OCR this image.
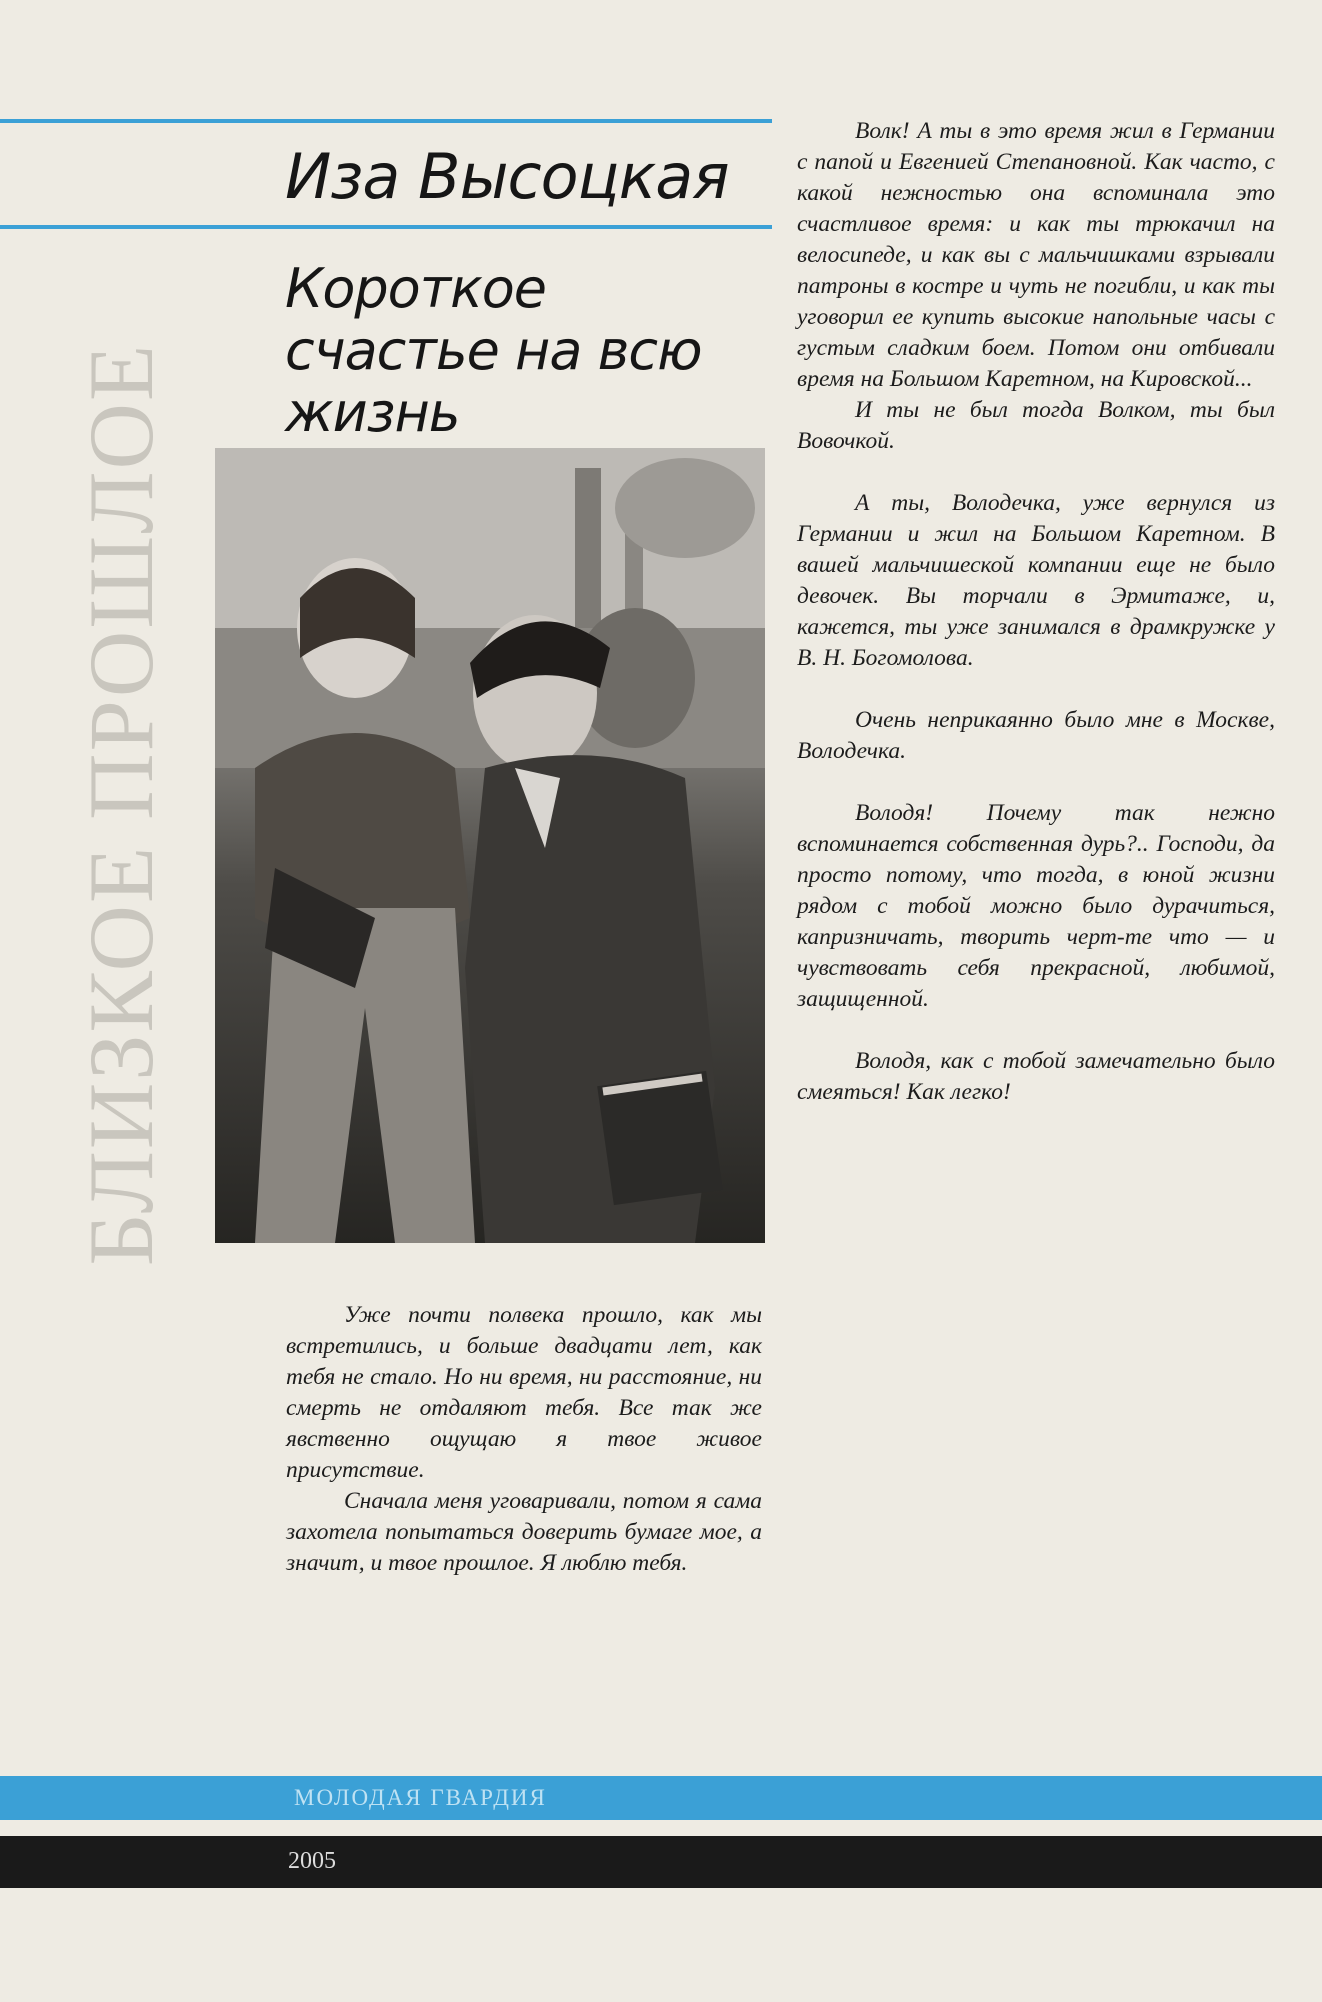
Иза Высоцкая
Короткое счастье на всю жизнь
БЛИЗКОЕ ПРОШЛОЕ

Уже почти полвека прошло, как мы встретились, и больше двадцати лет, как тебя не стало. Но ни время, ни расстояние, ни смерть не отдаляют тебя. Все так же явственно ощущаю я твое живое присутствие.

Сначала меня уговаривали, потом я сама захотела попытаться доверить бумаге мое, а значит, и твое прошлое. Я люблю тебя.

Волк! А ты в это время жил в Германии с папой и Евгенией Степановной. Как часто, с какой нежностью она вспоминала это счастливое время: и как ты трюкачил на велосипеде, и как вы с мальчишками взрывали патроны в костре и чуть не погибли, и как ты уговорил ее купить высокие напольные часы с густым сладким боем. Потом они отбивали время на Большом Каретном, на Кировской...

И ты не был тогда Волком, ты был Вовочкой.

А ты, Володечка, уже вернулся из Германии и жил на Большом Каретном. В вашей мальчишеской компании еще не было девочек. Вы торчали в Эрмитаже, и, кажется, ты уже занимался в драмкружке у В. Н. Богомолова.

Очень неприкаянно было мне в Москве, Володечка.

Володя! Почему так нежно вспоминается собственная дурь?.. Господи, да просто потому, что тогда, в юной жизни рядом с тобой можно было дурачиться, капризничать, творить черт-те что — и чувствовать себя прекрасной, любимой, защищенной.

Володя, как с тобой замечательно было смеяться! Как легко!

МОЛОДАЯ ГВАРДИЯ
2005
